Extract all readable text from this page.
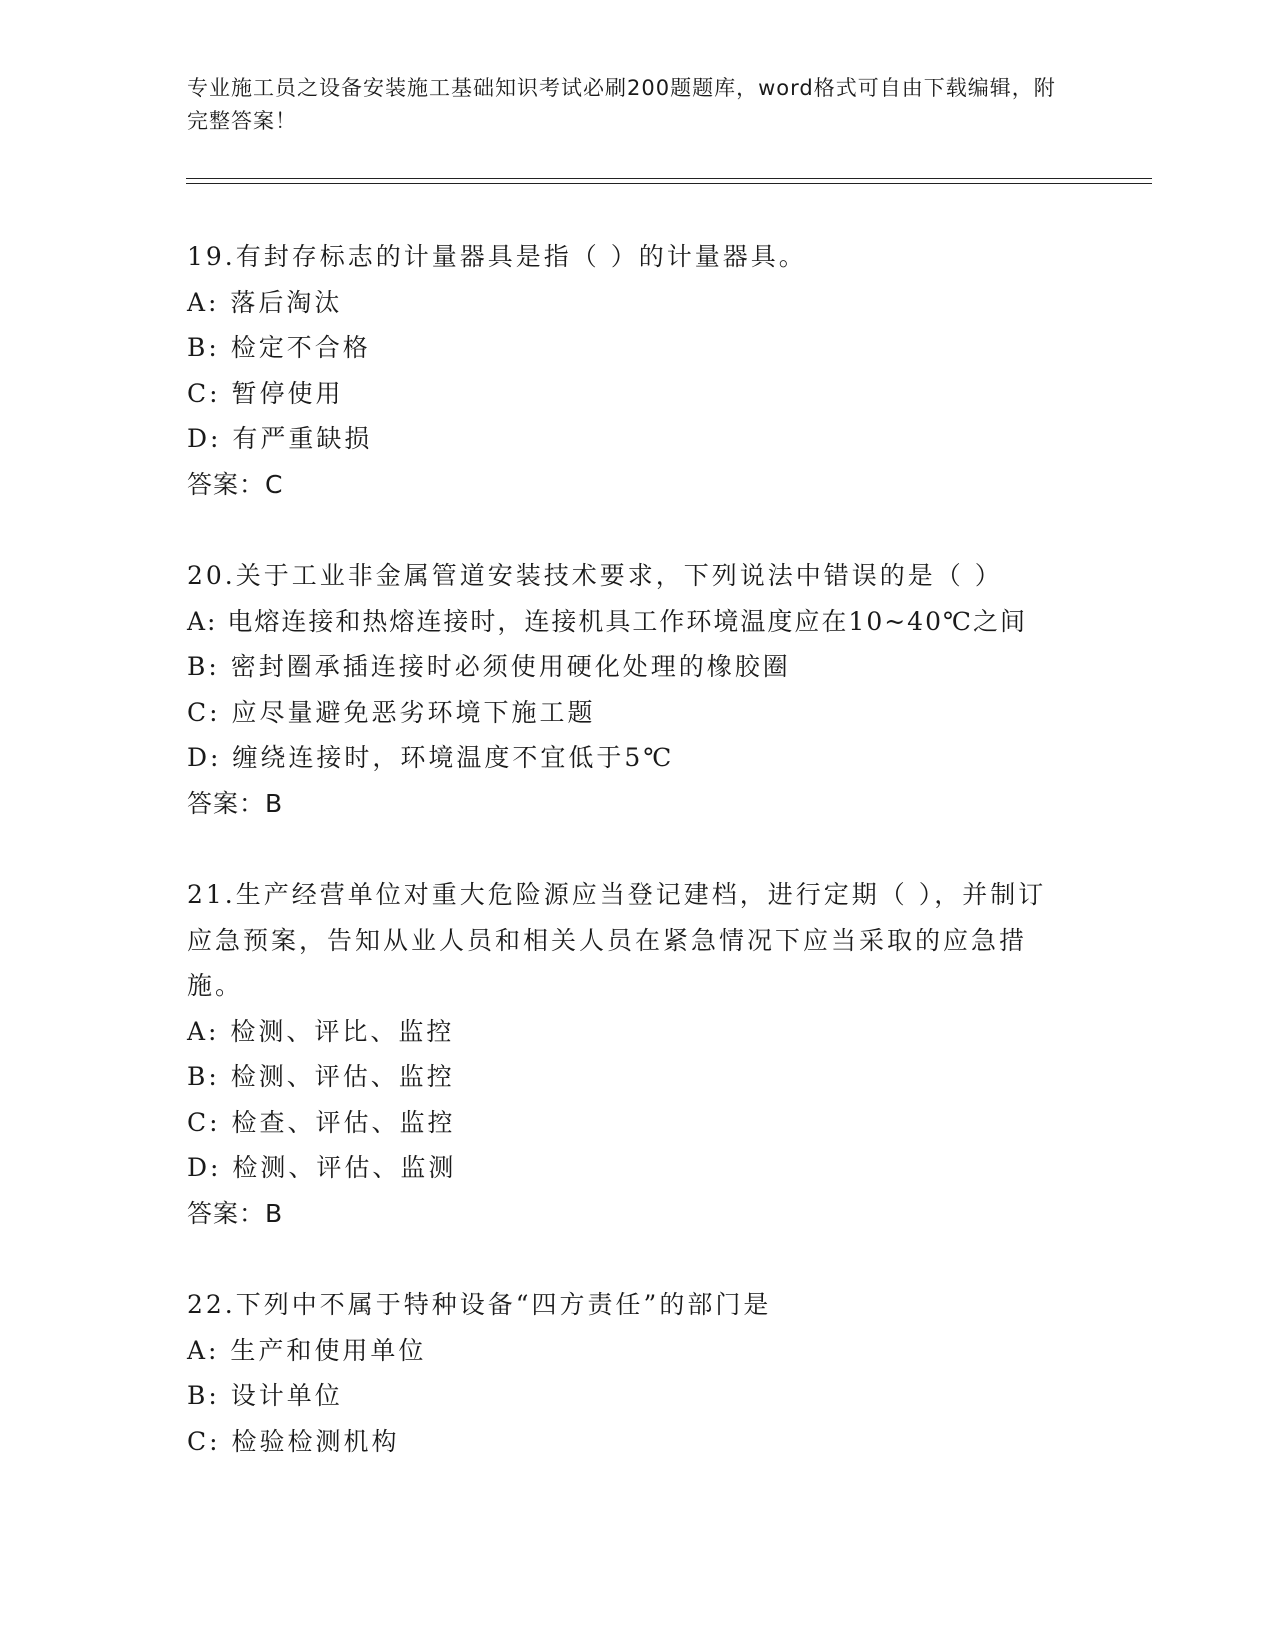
专业施工员之设备安装施工基础知识考试必刷200题题库，word格式可自由下载编辑，附完整答案！
19.有封存标志的计量器具是指（ ）的计量器具。
A: 落后淘汰
B: 检定不合格
C: 暂停使用
D: 有严重缺损
答案：C
20.关于工业非金属管道安装技术要求，下列说法中错误的是（ ）
A: 电熔连接和热熔连接时，连接机具工作环境温度应在10~40℃之间
B: 密封圈承插连接时必须使用硬化处理的橡胶圈
C: 应尽量避免恶劣环境下施工题
D: 缠绕连接时，环境温度不宜低于5℃
答案：B
21.生产经营单位对重大危险源应当登记建档，进行定期（ ），并制订应急预案，告知从业人员和相关人员在紧急情况下应当采取的应急措施。
A: 检测、评比、监控
B: 检测、评估、监控
C: 检查、评估、监控
D: 检测、评估、监测
答案：B
22.下列中不属于特种设备“四方责任”的部门是
A: 生产和使用单位
B: 设计单位
C: 检验检测机构
